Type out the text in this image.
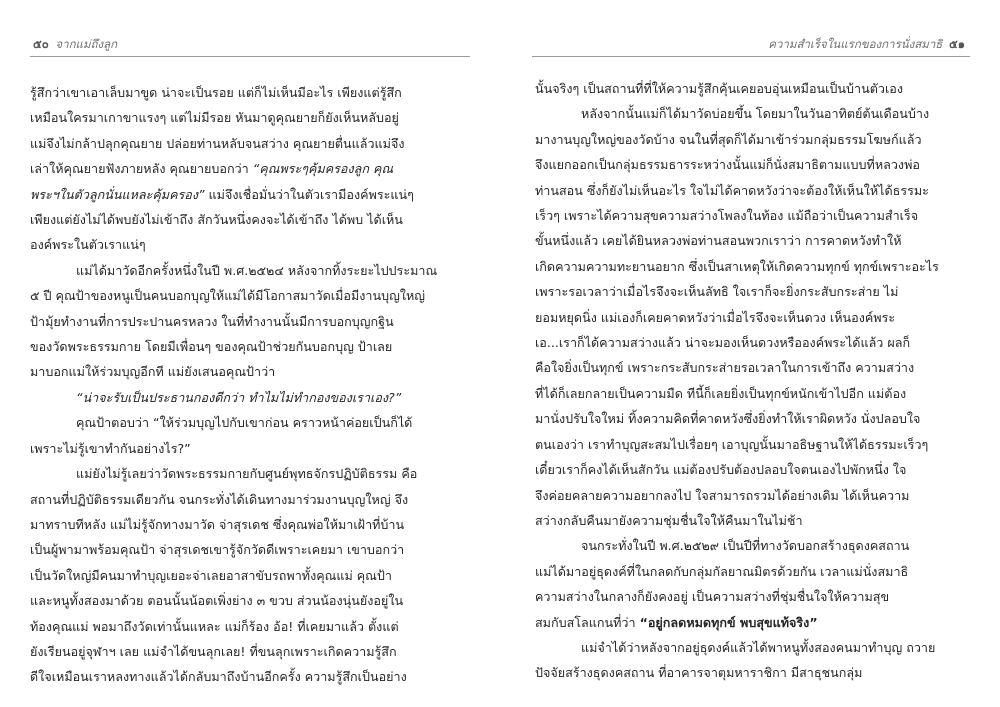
๕๐ จากแม่ถึงลูก
รู้สึกว่าเขาเอาเล็บมาขูด น่าจะเป็นรอย แต่ก็ไม่เห็นมีอะไร เพียงแต่รู้สึก
เหมือนใครมาเกาขาแรงๆ แต่ไม่มีรอย หันมาดูคุณยายก็ยังเห็นหลับอยู่
แม่จึงไม่กล้าปลุกคุณยาย ปล่อยท่านหลับจนสว่าง คุณยายตื่นแล้วแม่จึง
เล่าให้คุณยายฟังภายหลัง คุณยายบอกว่า “คุณพระๆคุ้มครองลูก คุณ
พระฯในตัวลูกนั่นแหละคุ้มครอง” แม่จึงเชื่อมั่นว่าในตัวเรามีองค์พระแน่ๆ
เพียงแต่ยังไม่ได้พบยังไม่เข้าถึง สักวันหนึ่งคงจะได้เข้าถึง ได้พบ ได้เห็น
องค์พระในตัวเราแน่ๆ
แม่ได้มาวัดอีกครั้งหนึ่งในปี พ.ศ.๒๕๒๔ หลังจากทิ้งระยะไปประมาณ
๕ ปี คุณป้าของหนูเป็นคนบอกบุญให้แม่ได้มีโอกาสมาวัดเมื่อมีงานบุญใหญ่
ป้ามุ้ยทำงานที่การประปานครหลวง ในที่ทำงานนั้นมีการบอกบุญกฐิน
ของวัดพระธรรมกาย โดยมีเพื่อนๆ ของคุณป้าช่วยกันบอกบุญ ป้าเลย
มาบอกแม่ให้ร่วมบุญอีกที แม่ยังเสนอคุณป้าว่า
“น่าจะรับเป็นประธานกองดีกว่า ทำไมไม่ทำกองของเราเอง?”
คุณป้าตอบว่า “ให้ร่วมบุญไปกับเขาก่อน คราวหน้าค่อยเป็นก็ได้
เพราะไม่รู้เขาทำกันอย่างไร?”
แม่ยังไม่รู้เลยว่าวัดพระธรรมกายกับศูนย์พุทธจักรปฏิบัติธรรม คือ
สถานที่ปฏิบัติธรรมเดียวกัน จนกระทั่งได้เดินทางมาร่วมงานบุญใหญ่ จึง
มาทราบทีหลัง แม่ไม่รู้จักทางมาวัด จ่าสุรเดช ซึ่งคุณพ่อให้มาเฝ้าที่บ้าน
เป็นผู้พามาพร้อมคุณป้า จ่าสุรเดชเขารู้จักวัดดีเพราะเคยมา เขาบอกว่า
เป็นวัดใหญ่มีคนมาทำบุญเยอะจ่าเลยอาสาขับรถพาทั้งคุณแม่ คุณป้า
และหนูทั้งสองมาด้วย ตอนนั้นน้อตเพิ่งย่าง ๓ ขวบ ส่วนน้องนุ่นยังอยู่ใน
ท้องคุณแม่ พอมาถึงวัดเท่านั้นแหละ แม่ก็ร้อง อ้อ! ที่เคยมาแล้ว ตั้งแต่
ยังเรียนอยู่จุฬาฯ เลย แม่จำได้ขนลุกเลย! ที่ขนลุกเพราะเกิดความรู้สึก
ดีใจเหมือนเราหลงทางแล้วได้กลับมาถึงบ้านอีกครั้ง ความรู้สึกเป็นอย่าง
ความสำเร็จในแรกของการนั่งสมาธิ ๕๑
นั้นจริงๆ เป็นสถานที่ที่ให้ความรู้สึกคุ้นเคยอบอุ่นเหมือนเป็นบ้านตัวเอง
หลังจากนั้นแม่ก็ได้มาวัดบ่อยขึ้น โดยมาในวันอาทิตย์ต้นเดือนบ้าง
มางานบุญใหญ่ของวัดบ้าง จนในที่สุดก็ได้มาเข้าร่วมกลุ่มธรรมโฆษก์แล้ว
จึงแยกออกเป็นกลุ่มธรรมธารระหว่างนั้นแม่ก็นั่งสมาธิตามแบบที่หลวงพ่อ
ท่านสอน ซึ่งก็ยังไม่เห็นอะไร ใจไม่ได้คาดหวังว่าจะต้องให้เห็นให้ได้ธรรมะ
เร็วๆ เพราะได้ความสุขความสว่างโพลงในท้อง แม้ถือว่าเป็นความสำเร็จ
ขั้นหนึ่งแล้ว เคยได้ยินหลวงพ่อท่านสอนพวกเราว่า การคาดหวังทำให้
เกิดความความทะยานอยาก ซึ่งเป็นสาเหตุให้เกิดความทุกข์ ทุกข์เพราะอะไร
เพราะรอเวลาว่าเมื่อไรจึงจะเห็นลัทธิ ใจเราก็จะยิ่งกระสับกระส่าย ไม่
ยอมหยุดนิ่ง แม่เองก็เคยคาดหวังว่าเมื่อไรจึงจะเห็นดวง เห็นองค์พระ
เอ...เราก็ได้ความสว่างแล้ว น่าจะมองเห็นดวงหรือองค์พระได้แล้ว ผลก็
คือใจยิ่งเป็นทุกข์ เพราะกระสับกระส่ายรอเวลาในการเข้าถึง ความสว่าง
ที่ได้ก็เลยกลายเป็นความมืด ทีนี้ก็เลยยิ่งเป็นทุกข์หนักเข้าไปอีก แม่ต้อง
มานั่งปรับใจใหม่ ทิ้งความคิดที่คาดหวังซึ่งยิ่งทำให้เราผิดหวัง นั่งปลอบใจ
ตนเองว่า เราทำบุญสะสมไปเรื่อยๆ เอาบุญนั้นมาอธิษฐานให้ได้ธรรมะเร็วๆ
เดี๋ยวเราก็คงได้เห็นสักวัน แม่ต้องปรับต้องปลอบใจตนเองไปพักหนึ่ง ใจ
จึงค่อยคลายความอยากลงไป ใจสามารถรวมได้อย่างเดิม ได้เห็นความ
สว่างกลับคืนมายังความชุ่มชื่นใจให้คืนมาในไม่ช้า
จนกระทั่งในปี พ.ศ.๒๕๒๙ เป็นปีที่ทางวัดบอกสร้างธุดงคสถาน
แม่ได้มาอยู่ธุดงค์ที่ในกลดกับกลุ่มกัลยาณมิตรด้วยกัน เวลาแม่นั่งสมาธิ
ความสว่างในกลางก็ยังคงอยู่ เป็นความสว่างที่ชุ่มชื่นใจให้ความสุข
สมกับสโลแกนที่ว่า “อยู่กลดหมดทุกข์ พบสุขแท้จริง”
แม่จำได้ว่าหลังจากอยู่ธุดงค์แล้วได้พาหนูทั้งสองคนมาทำบุญ ถวาย
ปัจจัยสร้างธุดงคสถาน ที่อาคารจาตุมหาราชิกา มีสาธุชนกลุ่ม
